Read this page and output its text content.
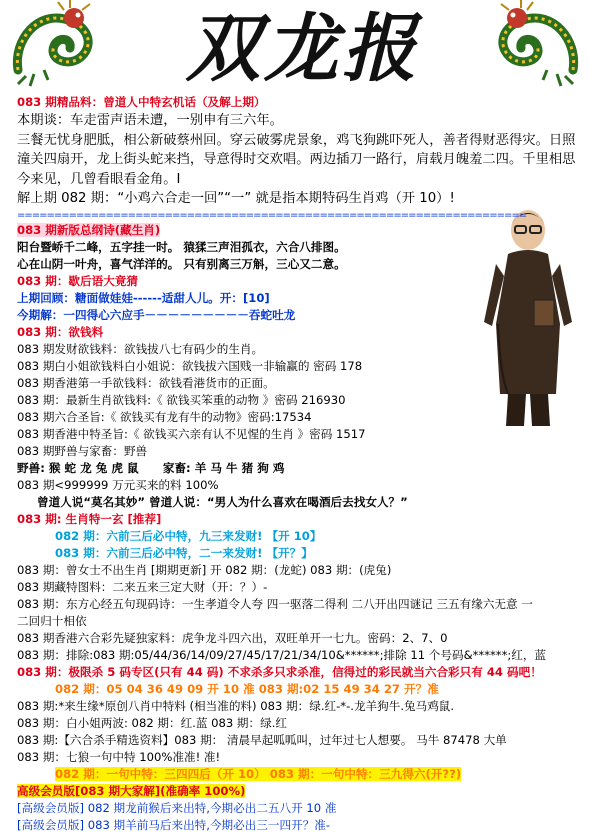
双龙报

083 期精品料：曾道人中特玄机话（及解上期）

本期谈：车走雷声语未遭，一别申有三六年。

三餐无忧身肥胝，相公新破蔡州回。穿云破雾虎景象，鸡飞狗跳吓死人，善者得财恶得灾。日照潼关四扇开，龙上街头蛇来挡，导意得时交欢唱。两边插刀一路行，肩载月魄羞二四。千里相思今来见，几曾看眼看金角。I

解上期 082 期：“小鸡六合走一回”“一” 就是指本期特码生肖鸡（开 10）!

=====================================================================

083 期新版总纲诗(藏生肖)

阳台暨峤千二峰，五字挂一时。 猿猱三声泪孤衣，六合八排图。

心在山阴一叶舟，喜气洋洋的。 只有别离三万斛，三心又二意。

083 期：歇后语大竟猜

上期回顾：糖面做娃娃------适甜人儿。开：[10]

今期解：一四得心六应手－－－－－－－－－吞蛇吐龙

083 期：欲钱料

083 期发财欲钱料：欲钱拔八七有码少的生肖。

083 期白小姐欲钱料白小姐说：欲钱拔六国贱一非输赢的 密码 178

083 期香港第一手欲钱料：欲钱看港货市的正面。

083 期：最新生肖欲钱料:《 欲钱买笨重的动物 》密码 216930

083 期六合圣旨:《 欲钱买有龙有牛的动物》密码:17534

083 期香港中特圣旨:《 欲钱买六亲有认不见惺的生肖 》密码 1517

083 期野兽与家畜：野兽

野兽: 猴 蛇 龙 兔 虎 鼠 家畜: 羊 马 牛 猪 狗 鸡

083 期<999999 万元买来的料 100%

曾道人说“莫名其妙” 曾道人说：“男人为什么喜欢在喝酒后去找女人？”

083 期: 生肖特一玄 [推荐]

082 期：六前三后必中特，九三来发财! 【开 10】

083 期：六前三后必中特，二一来发财! 【开？】

083 期：曾女士不出生肖 [期期更新] 开 082 期：(龙蛇) 083 期：(虎兔)

083 期藏特图料：二来五来三定大财（开：？）-

083 期：东方心经五句现码诗：一生孝道令人夸 四一驱落二得利 二八开出四谜记 三五有缘六无意 一

二回归十相依

083 期香港六合彩先疑独家料：虎争龙斗四六出，双旺单开一七九。密码：2、7、0

083 期：排除:083 期:05/44/36/14/09/27/45/17/21/34/10&******;排除 11 个号码&******;红，蓝

083 期：极限杀 5 码专区(只有 44 码) 不求杀多只求杀准，信得过的彩民就当六合彩只有 44 码吧！

082 期：05 04 36 49 09 开 10 准 083 期:02 15 49 34 27 开？准

083 期:*来生缘*原创八肖中特料 (相当准的料) 083 期：绿.红-*-.龙羊狗牛.兔马鸡鼠.

083 期：白小姐两波: 082 期：红.蓝 083 期：绿.红

083 期:【六合杀手精选资料】083 期： 清晨早起呱呱叫，过年过七人想要。 马牛 87478 大单

083 期：七狼一句中特 100%准准! 准!

082 期：一句中特：三四四后（开 10） 083 期：一句中特：三九得六(开??)

高级会员版[083 期大家解](准确率 100%)

[高级会员版] 082 期龙前猴后来出特,今期必出二五八开 10 准

[高级会员版] 083 期羊前马后来出特,今期必出三一四开？准-
